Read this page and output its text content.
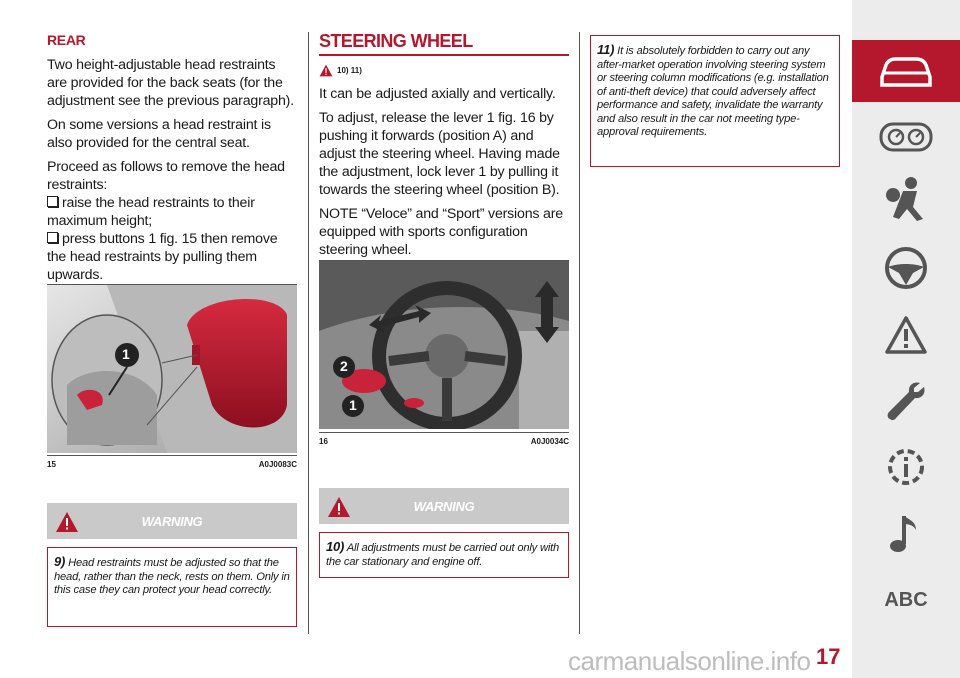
REAR

Two height-adjustable head restraints are provided for the back seats (for the adjustment see the previous paragraph).

On some versions a head restraint is also provided for the central seat.

Proceed as follows to remove the head restraints:

raise the head restraints to their maximum height;

press buttons 1 fig. 15 then remove the head restraints by pulling them upwards.

1
15	A0J0083C
WARNING
9) Head restraints must be adjusted so that the head, rather than the neck, rests on them. Only in this case they can protect your head correctly.
STEERING WHEEL
10) 11)

It can be adjusted axially and vertically.

To adjust, release the lever 1 fig. 16 by pushing it forwards (position A) and adjust the steering wheel. Having made the adjustment, lock lever 1 by pulling it towards the steering wheel (position B).

NOTE “Veloce” and “Sport” versions are equipped with sports configuration steering wheel.

2
1
16	A0J0034C
WARNING
10) All adjustments must be carried out only with the car stationary and engine off.
11) It is absolutely forbidden to carry out any after-market operation involving steering system or steering column modifications (e.g. installation of anti-theft device) that could adversely affect performance and safety, invalidate the warranty and also result in the car not meeting type-approval requirements.
ABC
carmanualsonline.info 17
